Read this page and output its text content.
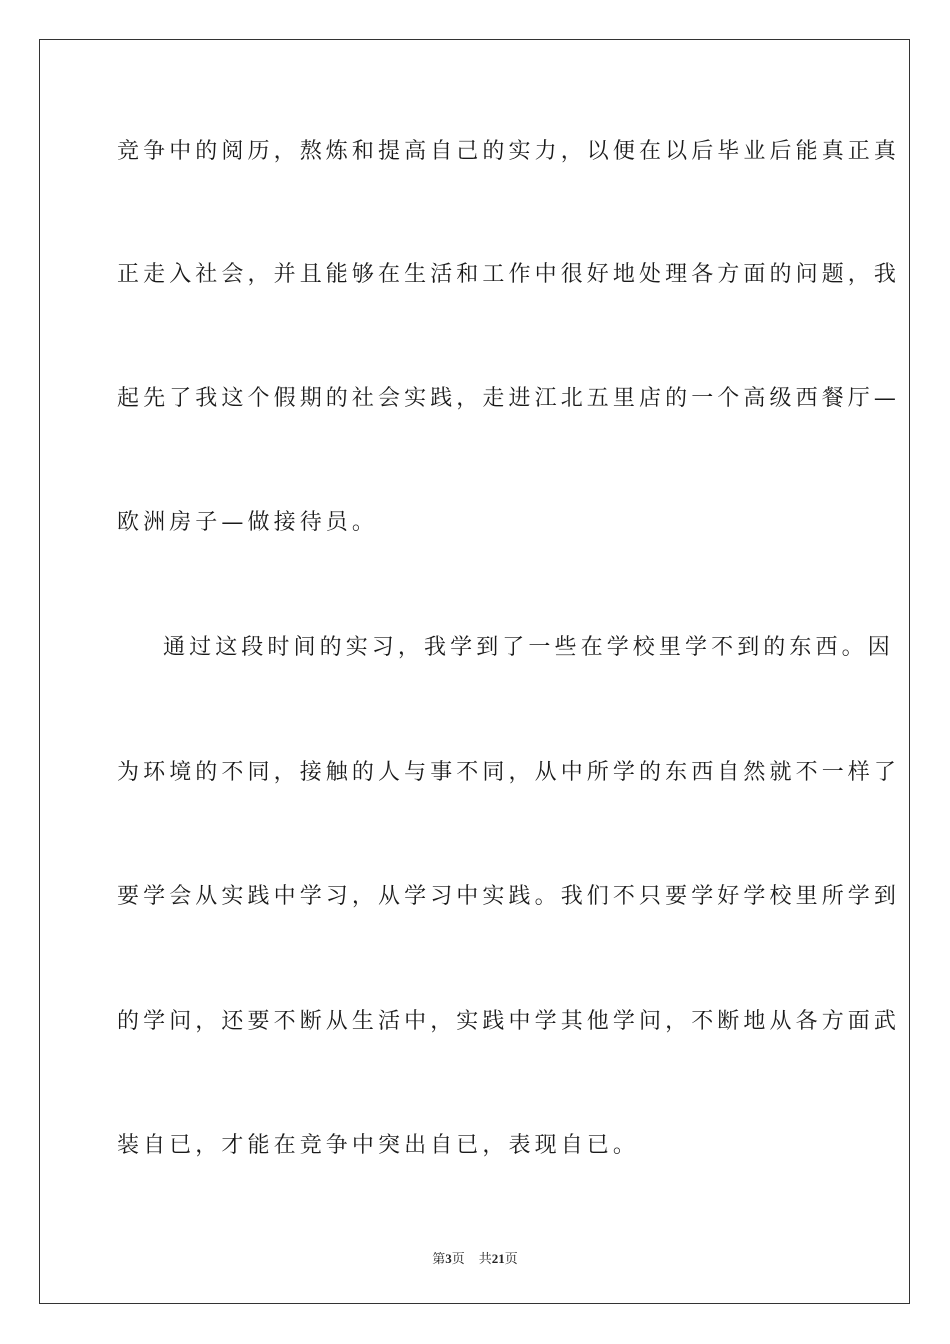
竞争中的阅历，熬炼和提高自己的实力，以便在以后毕业后能真正真
正走入社会，并且能够在生活和工作中很好地处理各方面的问题，我
起先了我这个假期的社会实践，走进江北五里店的一个高级西餐厅—
欧洲房子—做接待员。
通过这段时间的实习，我学到了一些在学校里学不到的东西。因
为环境的不同，接触的人与事不同，从中所学的东西自然就不一样了
要学会从实践中学习，从学习中实践。我们不只要学好学校里所学到
的学问，还要不断从生活中，实践中学其他学问，不断地从各方面武
装自已，才能在竞争中突出自已，表现自已。
第3页 共21页
